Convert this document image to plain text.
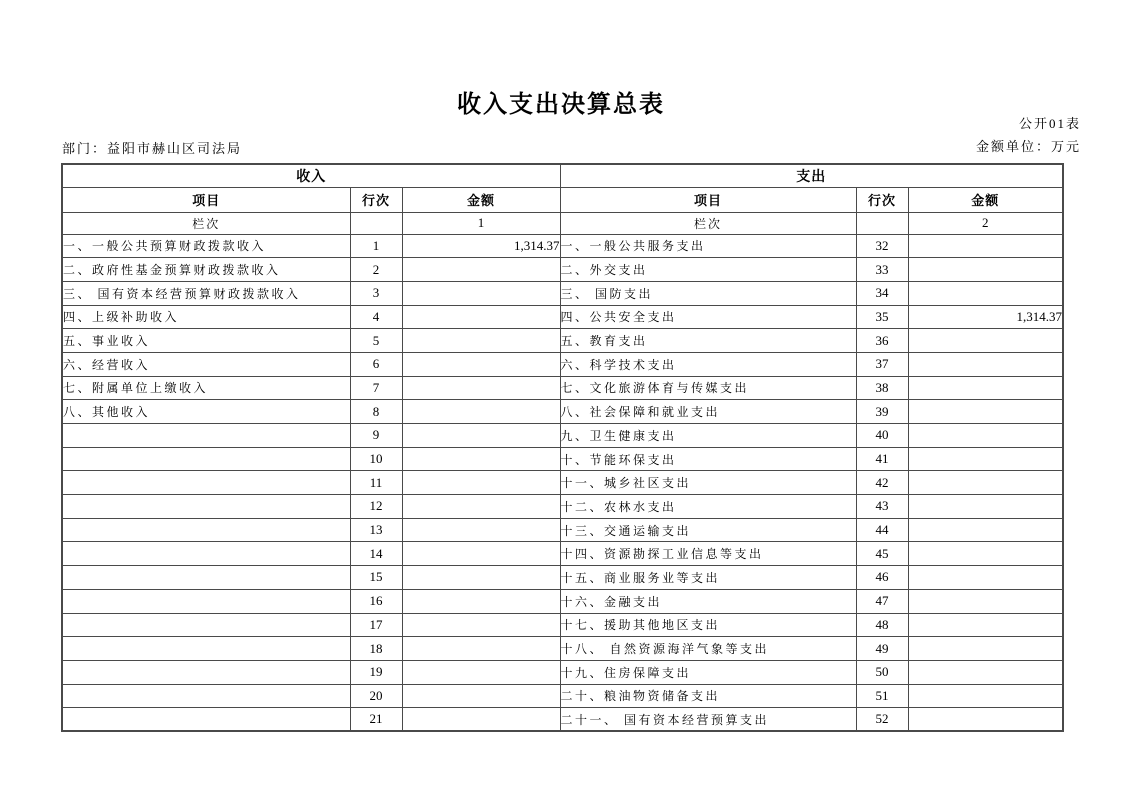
收入支出决算总表
公开01表
部门：益阳市赫山区司法局	金额单位：万元
收入			支出		
项目	行次	金额	项目	行次	金额
栏次		1	栏次		2
一、一般公共预算财政拨款收入	1	1,314.37	一、一般公共服务支出	32	
二、政府性基金预算财政拨款收入	2		二、外交支出	33	
三、 国有资本经营预算财政拨款收入	3		三、 国防支出	34	
四、上级补助收入	4		四、公共安全支出	35	1,314.37
五、事业收入	5		五、教育支出	36	
六、经营收入	6		六、科学技术支出	37	
七、附属单位上缴收入	7		七、文化旅游体育与传媒支出	38	
八、其他收入	8		八、社会保障和就业支出	39	
	9		九、卫生健康支出	40	
	10		十、节能环保支出	41	
	11		十一、城乡社区支出	42	
	12		十二、农林水支出	43	
	13		十三、交通运输支出	44	
	14		十四、资源勘探工业信息等支出	45	
	15		十五、商业服务业等支出	46	
	16		十六、金融支出	47	
	17		十七、援助其他地区支出	48	
	18		十八、 自然资源海洋气象等支出	49	
	19		十九、住房保障支出	50	
	20		二十、粮油物资储备支出	51	
	21		二十一、 国有资本经营预算支出	52	
